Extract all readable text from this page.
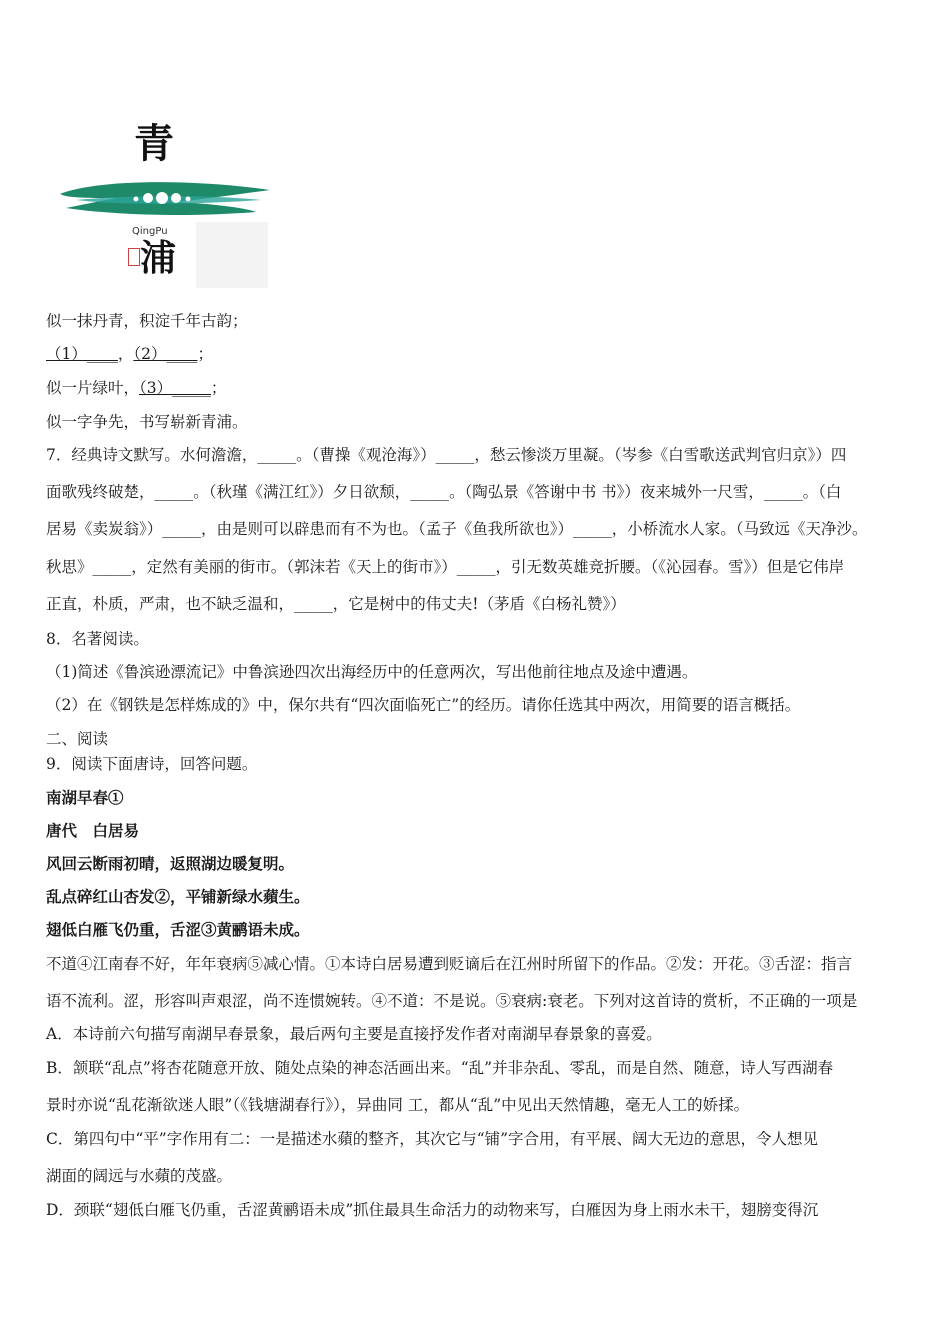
青
QingPu
浦
似一抹丹青，积淀千年古韵；
（1）____，（2）____；
似一片绿叶，（3）_____；
似一字争先，书写崭新青浦。
7．经典诗文默写。水何澹澹，_____。（曹操《观沧海》）_____，愁云惨淡万里凝。（岑参《白雪歌送武判官归京》）四
面歌残终破楚，_____。（秋瑾《满江红》）夕日欲颓，_____。（陶弘景《答谢中书 书》）夜来城外一尺雪，_____。（白
居易《卖炭翁》）_____，由是则可以辟患而有不为也。（孟子《鱼我所欲也》）_____，小桥流水人家。（马致远《天净沙。
秋思》_____，定然有美丽的街市。（郭沫若《天上的街市》）_____，引无数英雄竞折腰。（《沁园春。雪》）但是它伟岸
正直，朴质，严肃，也不缺乏温和，_____，它是树中的伟丈夫!（茅盾《白杨礼赞》）
8．名著阅读。
（1)简述《鲁滨逊漂流记》中鲁滨逊四次出海经历中的任意两次，写出他前往地点及途中遭遇。
（2）在《钢铁是怎样炼成的》中，保尔共有“四次面临死亡”的经历。请你任选其中两次，用简要的语言概括。
二、阅读
9．阅读下面唐诗，回答问题。
南湖早春①
唐代　白居易
风回云断雨初晴，返照湖边暖复明。
乱点碎红山杏发②，平铺新绿水蘋生。
翅低白雁飞仍重，舌涩③黄鹂语未成。
不道④江南春不好，年年衰病⑤减心情。①本诗白居易遭到贬谪后在江州时所留下的作品。②发：开花。③舌涩：指言
语不流利。涩，形容叫声艰涩，尚不连惯婉转。④不道：不是说。⑤衰病:衰老。下列对这首诗的赏析，不正确的一项是
A．本诗前六句描写南湖早春景象，最后两句主要是直接抒发作者对南湖早春景象的喜爱。
B．颔联“乱点”将杏花随意开放、随处点染的神态活画出来。“乱”并非杂乱、零乱，而是自然、随意，诗人写西湖春
景时亦说“乱花渐欲迷人眼”（《钱塘湖春行》），异曲同 工，都从“乱”中见出天然情趣，毫无人工的娇揉。
C．第四句中“平”字作用有二：一是描述水蘋的整齐，其次它与“铺”字合用，有平展、阔大无边的意思，令人想见
湖面的阔远与水蘋的茂盛。
D．颈联“翅低白雁飞仍重，舌涩黄鹂语未成”抓住最具生命活力的动物来写，白雁因为身上雨水未干，翅膀变得沉
